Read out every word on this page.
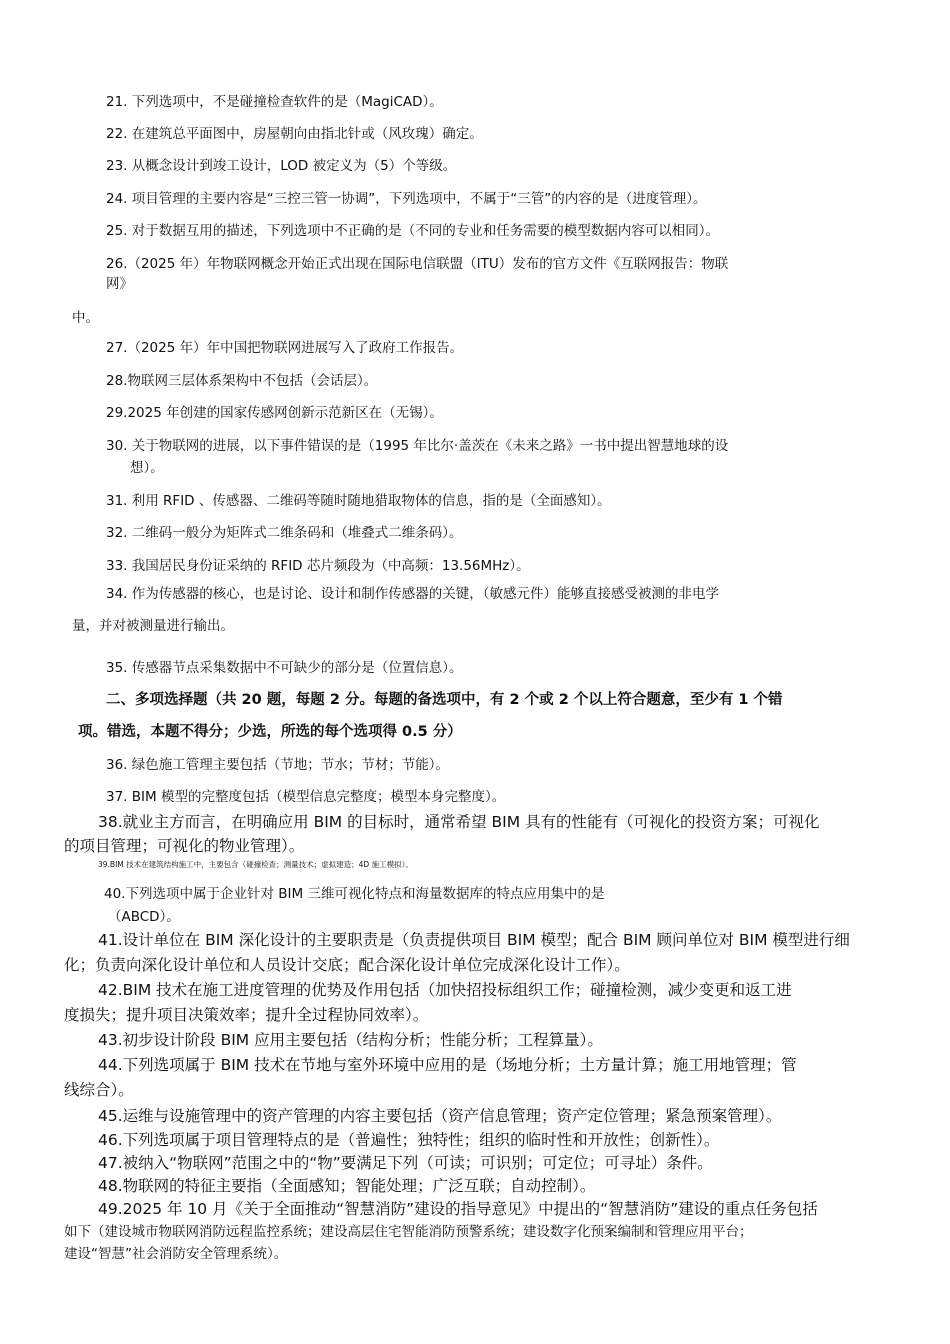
21. 下列选项中，不是碰撞检查软件的是（MagiCAD）。
22. 在建筑总平面图中，房屋朝向由指北针或（风玫瑰）确定。
23. 从概念设计到竣工设计，LOD 被定义为（5）个等级。
24. 项目管理的主要内容是“三控三管一协调”，下列选项中，不属于“三管”的内容的是（进度管理）。
25. 对于数据互用的描述，下列选项中不正确的是（不同的专业和任务需要的模型数据内容可以相同）。
26.（2025 年）年物联网概念开始正式出现在国际电信联盟（ITU）发布的官方文件《互联网报告：物联
网》
中。
27.（2025 年）年中国把物联网进展写入了政府工作报告。
28.物联网三层体系架构中不包括（会话层）。
29.2025 年创建的国家传感网创新示范新区在（无锡）。
30. 关于物联网的进展，以下事件错误的是（1995 年比尔·盖茨在《未来之路》一书中提出智慧地球的设
想）。
31. 利用 RFID 、传感器、二维码等随时随地猎取物体的信息，指的是（全面感知）。
32. 二维码一般分为矩阵式二维条码和（堆叠式二维条码）。
33. 我国居民身份证采纳的 RFID 芯片频段为（中高频：13.56MHz）。
34. 作为传感器的核心，也是讨论、设计和制作传感器的关键，（敏感元件）能够直接感受被测的非电学
量，并对被测量进行输出。
35. 传感器节点采集数据中不可缺少的部分是（位置信息）。
二、多项选择题（共 20 题，每题 2 分。每题的备选项中，有 2 个或 2 个以上符合题意，至少有 1 个错
项。错选，本题不得分；少选，所选的每个选项得 0.5 分）
36. 绿色施工管理主要包括（节地；节水；节材；节能）。
37. BIM 模型的完整度包括（模型信息完整度；模型本身完整度）。
38.就业主方而言，在明确应用 BIM 的目标时，通常希望 BIM 具有的性能有（可视化的投资方案；可视化
的项目管理；可视化的物业管理）。
39.BIM 技术在建筑结构施工中，主要包含（碰撞检查；测量技术；虚拟建造；4D 施工模拟）。
40.下列选项中属于企业针对 BIM 三维可视化特点和海量数据库的特点应用集中的是
（ABCD）。
41.设计单位在 BIM 深化设计的主要职责是（负责提供项目 BIM 模型；配合 BIM 顾问单位对 BIM 模型进行细
化；负责向深化设计单位和人员设计交底；配合深化设计单位完成深化设计工作）。
42.BIM 技术在施工进度管理的优势及作用包括（加快招投标组织工作；碰撞检测，减少变更和返工进
度损失；提升项目决策效率；提升全过程协同效率）。
43.初步设计阶段 BIM 应用主要包括（结构分析；性能分析；工程算量）。
44.下列选项属于 BIM 技术在节地与室外环境中应用的是（场地分析；土方量计算；施工用地管理；管
线综合）。
45.运维与设施管理中的资产管理的内容主要包括（资产信息管理；资产定位管理；紧急预案管理）。
46.下列选项属于项目管理特点的是（普遍性；独特性；组织的临时性和开放性；创新性）。
47.被纳入“物联网”范围之中的“物”要满足下列（可读；可识别；可定位；可寻址）条件。
48.物联网的特征主要指（全面感知；智能处理；广泛互联；自动控制）。
49.2025 年 10 月《关于全面推动“智慧消防”建设的指导意见》中提出的“智慧消防”建设的重点任务包括
如下（建设城市物联网消防远程监控系统；建设高层住宅智能消防预警系统；建设数字化预案编制和管理应用平台；
建设“智慧”社会消防安全管理系统）。
